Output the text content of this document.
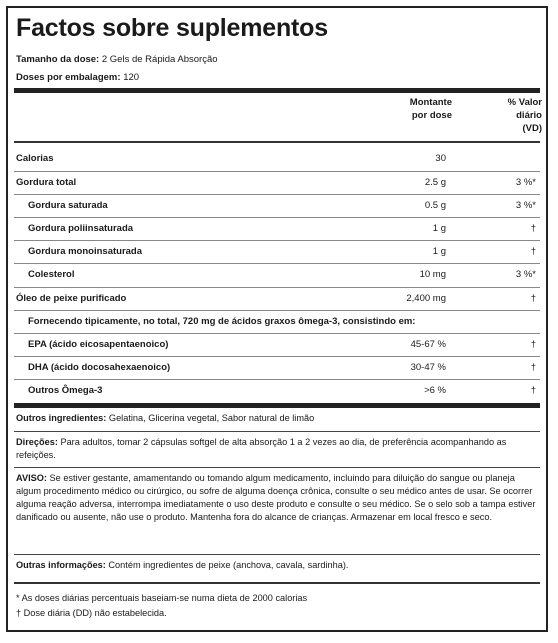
Factos sobre suplementos
Tamanho da dose: 2 Gels de Rápida Absorção
Doses por embalagem: 120
Montante
por dose
% Valor
diário
(VD)
Calorias	30
Gordura total	2.5 g	3 %*
Gordura saturada	0.5 g	3 %*
Gordura poliinsaturada	1 g	†
Gordura monoinsaturada	1 g	†
Colesterol	10 mg	3 %*
Óleo de peixe purificado	2,400 mg	†
Fornecendo tipicamente, no total, 720 mg de ácidos graxos ômega-3, consistindo em:
EPA (ácido eicosapentaenoico)	45-67 %	†
DHA (ácido docosahexaenoico)	30-47 %	†
Outros Ômega-3	>6 %	†
Outros ingredientes: Gelatina, Glicerina vegetal, Sabor natural de limão
Direções: Para adultos, tomar 2 cápsulas softgel de alta absorção 1 a 2 vezes ao dia, de preferência acompanhando as refeições.
AVISO: Se estiver gestante, amamentando ou tomando algum medicamento, incluindo para diluição do sangue ou planeja algum procedimento médico ou cirúrgico, ou sofre de alguma doença crônica, consulte o seu médico antes de usar. Se ocorrer alguma reação adversa, interrompa imediatamente o uso deste produto e consulte o seu médico. Se o selo sob a tampa estiver danificado ou ausente, não use o produto. Mantenha fora do alcance de crianças. Armazenar em local fresco e seco.
Outras informações: Contém ingredientes de peixe (anchova, cavala, sardinha).
* As doses diárias percentuais baseiam-se numa dieta de 2000 calorias
† Dose diária (DD) não estabelecida.
